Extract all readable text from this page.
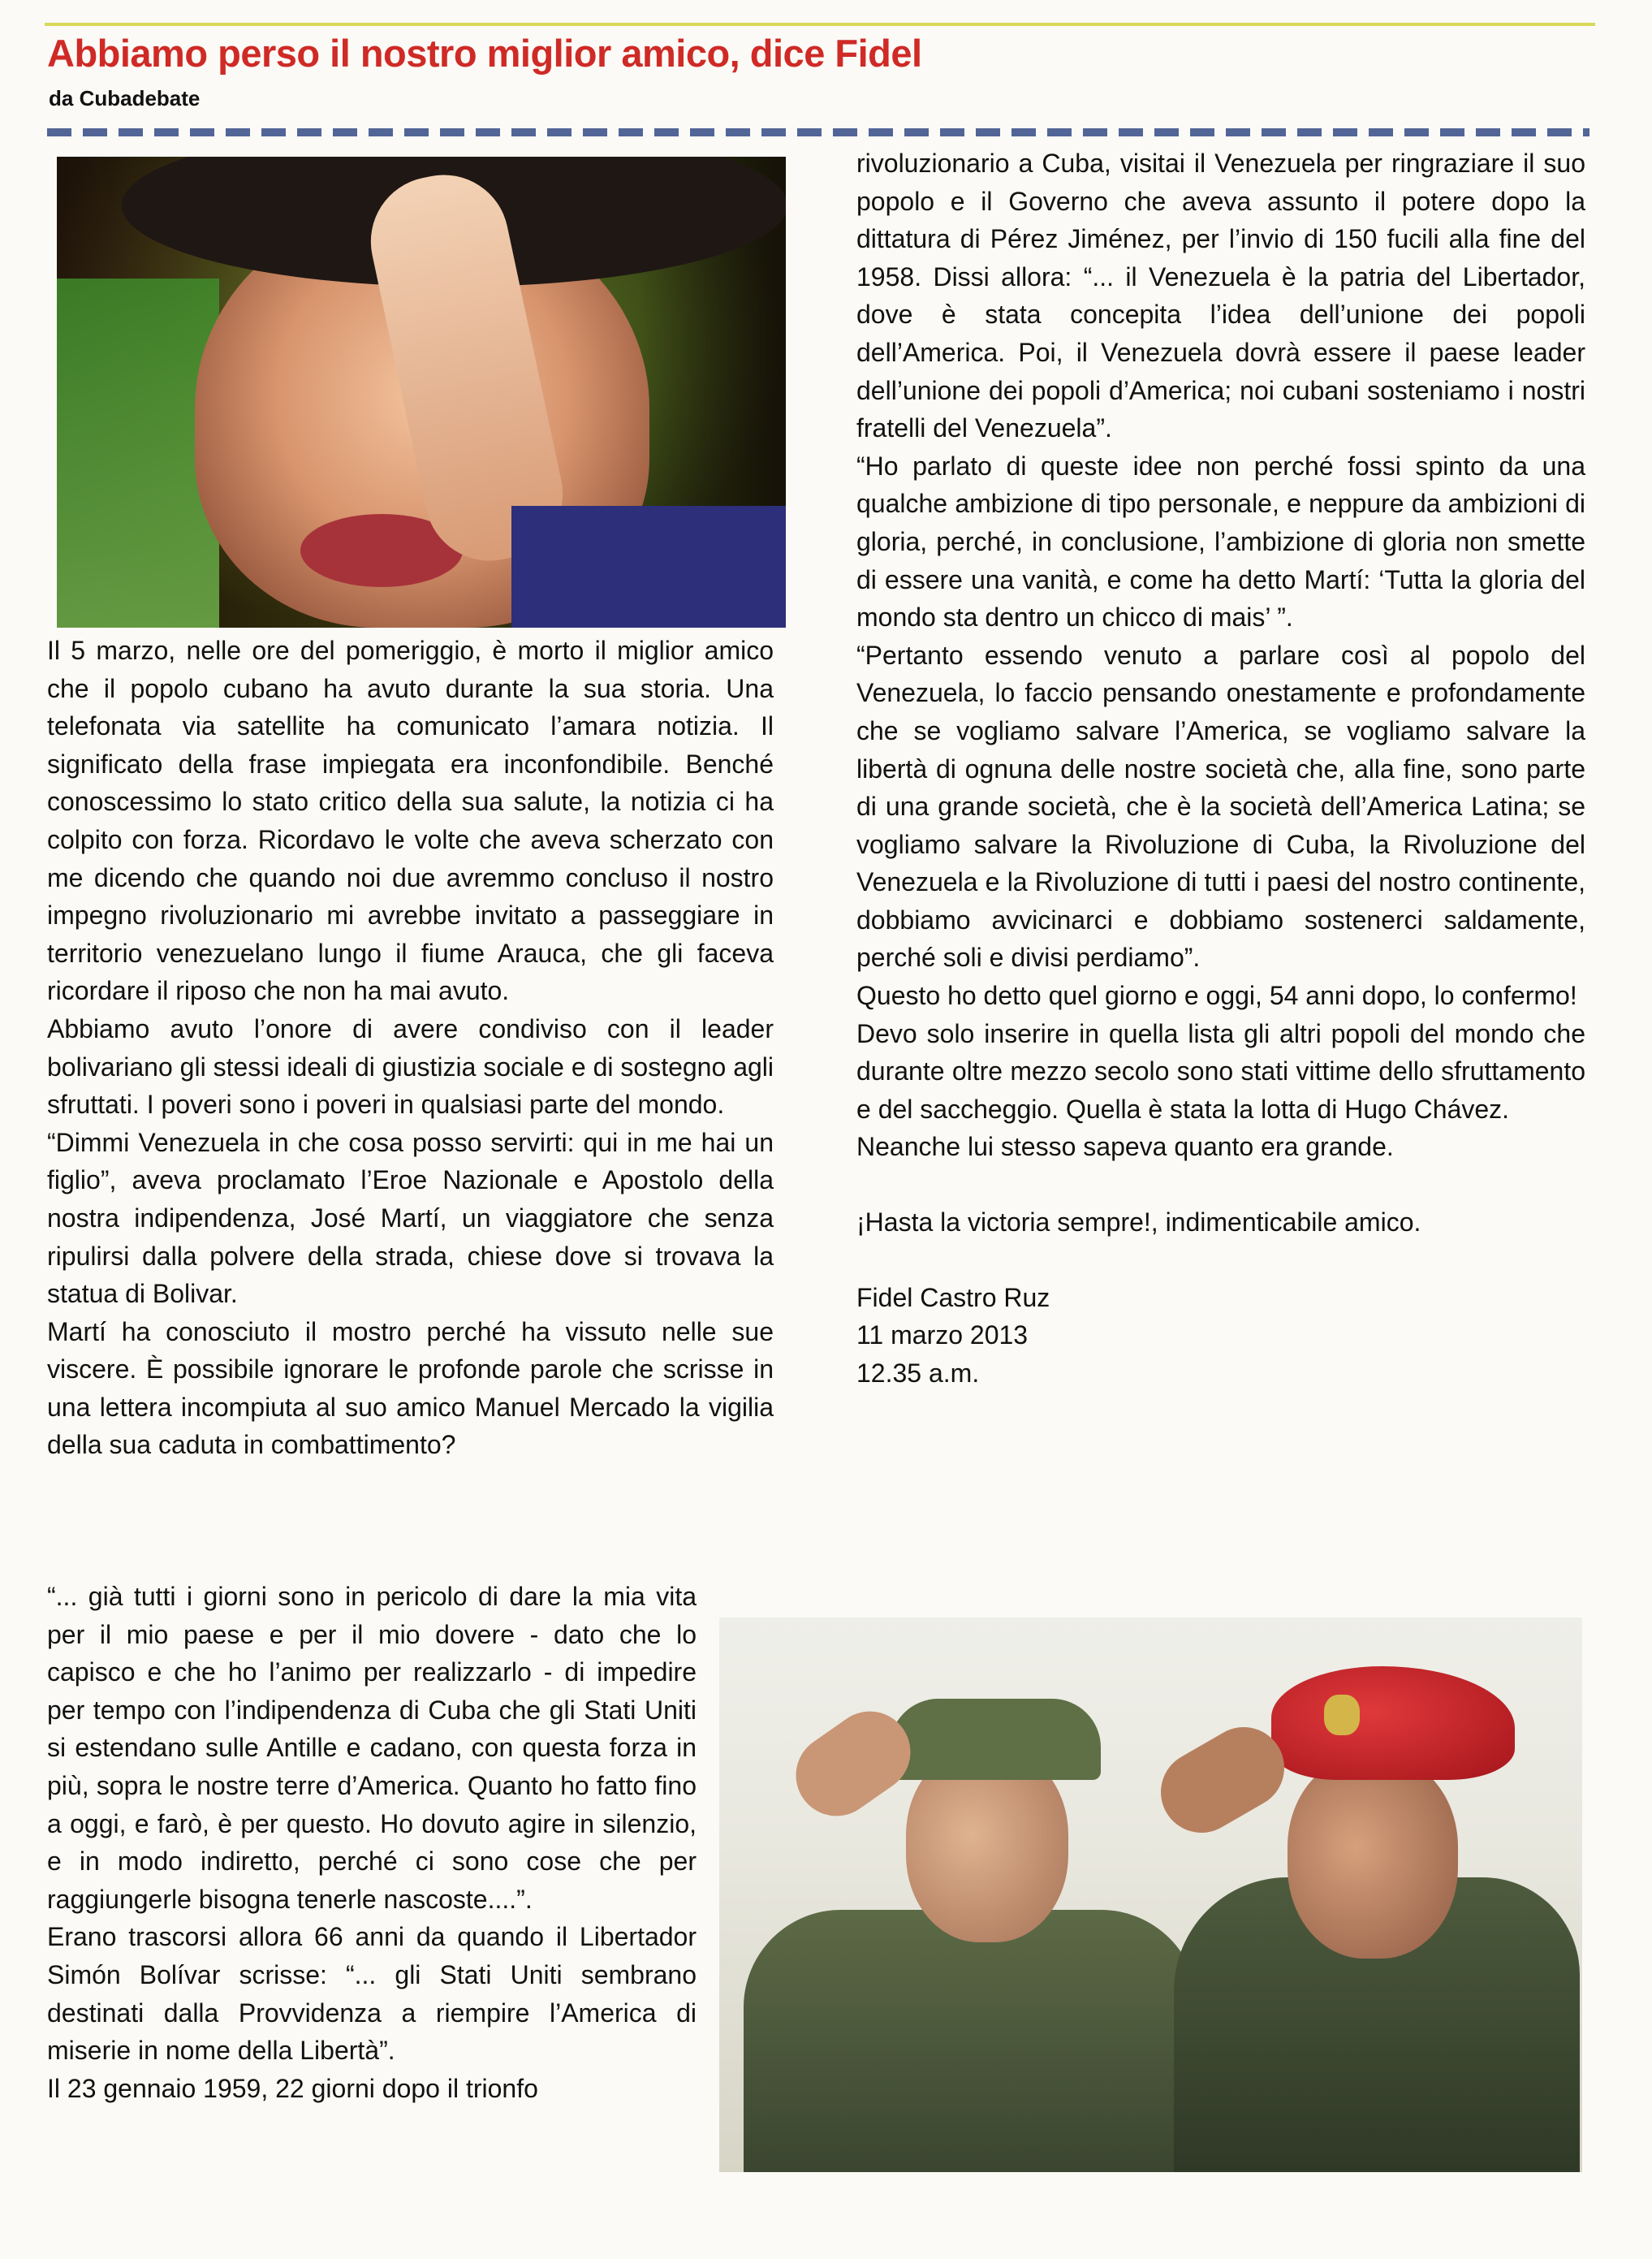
Abbiamo perso il nostro miglior amico, dice Fidel
da Cubadebate

Il 5 marzo, nelle ore del pomeriggio, è morto il miglior amico che il popolo cubano ha avuto durante la sua storia. Una telefonata via satellite ha comunicato l’amara notizia. Il significato della frase impiegata era inconfondibile. Benché conoscessimo lo stato critico della sua salute, la notizia ci ha colpito con forza. Ricordavo le volte che aveva scherzato con me dicendo che quando noi due avremmo concluso il nostro impegno rivoluzionario mi avrebbe invitato a passeggiare in territorio venezuelano lungo il fiume Arauca, che gli faceva ricordare il riposo che non ha mai avuto.

Abbiamo avuto l’onore di avere condiviso con il leader bolivariano gli stessi ideali di giustizia sociale e di sostegno agli sfruttati. I poveri sono i poveri in qualsiasi parte del mondo.

“Dimmi Venezuela in che cosa posso servirti: qui in me hai un figlio”, aveva proclamato l’Eroe Nazionale e Apostolo della nostra indipendenza, José Martí, un viaggiatore che senza ripulirsi dalla polvere della strada, chiese dove si trovava la statua di Bolivar.

Martí ha conosciuto il mostro perché ha vissuto nelle sue viscere. È possibile ignorare le profonde parole che scrisse in una lettera incompiuta al suo amico Manuel Mercado la vigilia della sua caduta in combattimento?

“... già tutti i giorni sono in pericolo di dare la mia vita per il mio paese e per il mio dovere - dato che lo capisco e che ho l’animo per realizzarlo - di impedire per tempo con l’indipendenza di Cuba che gli Stati Uniti si estendano sulle Antille e cadano, con questa forza in più, sopra le nostre terre d’America. Quanto ho fatto fino a oggi, e farò, è per questo. Ho dovuto agire in silenzio, e in modo indiretto, perché ci sono cose che per raggiungerle bisogna tenerle nascoste....”.

Erano trascorsi allora 66 anni da quando il Libertador Simón Bolívar scrisse: “... gli Stati Uniti sembrano destinati dalla Provvidenza a riempire l’America di miserie in nome della Libertà”.

Il 23 gennaio 1959, 22 giorni dopo il trionfo

rivoluzionario a Cuba, visitai il Venezuela per ringraziare il suo popolo e il Governo che aveva assunto il potere dopo la dittatura di Pérez Jiménez, per l’invio di 150 fucili alla fine del 1958. Dissi allora: “... il Venezuela è la patria del Libertador, dove è stata concepita l’idea dell’unione dei popoli dell’America. Poi, il Venezuela dovrà essere il paese leader dell’unione dei popoli d’America; noi cubani sosteniamo i nostri fratelli del Venezuela”.

“Ho parlato di queste idee non perché fossi spinto da una qualche ambizione di tipo personale, e neppure da ambizioni di gloria, perché, in conclusione, l’ambizione di gloria non smette di essere una vanità, e come ha detto Martí: ‘Tutta la gloria del mondo sta dentro un chicco di mais’ ”.

“Pertanto essendo venuto a parlare così al popolo del Venezuela, lo faccio pensando onestamente e profondamente che se vogliamo salvare l’America, se vogliamo salvare la libertà di ognuna delle nostre società che, alla fine, sono parte di una grande società, che è la società dell’America Latina; se vogliamo salvare la Rivoluzione di Cuba, la Rivoluzione del Venezuela e la Rivoluzione di tutti i paesi del nostro continente, dobbiamo avvicinarci e dobbiamo sostenerci saldamente, perché soli e divisi perdiamo”.

Questo ho detto quel giorno e oggi, 54 anni dopo, lo confermo!

Devo solo inserire in quella lista gli altri popoli del mondo che durante oltre mezzo secolo sono stati vittime dello sfruttamento e del saccheggio. Quella è stata la lotta di Hugo Chávez.

Neanche lui stesso sapeva quanto era grande.

¡Hasta la victoria sempre!, indimenticabile amico.

Fidel Castro Ruz

11 marzo 2013

12.35 a.m.
